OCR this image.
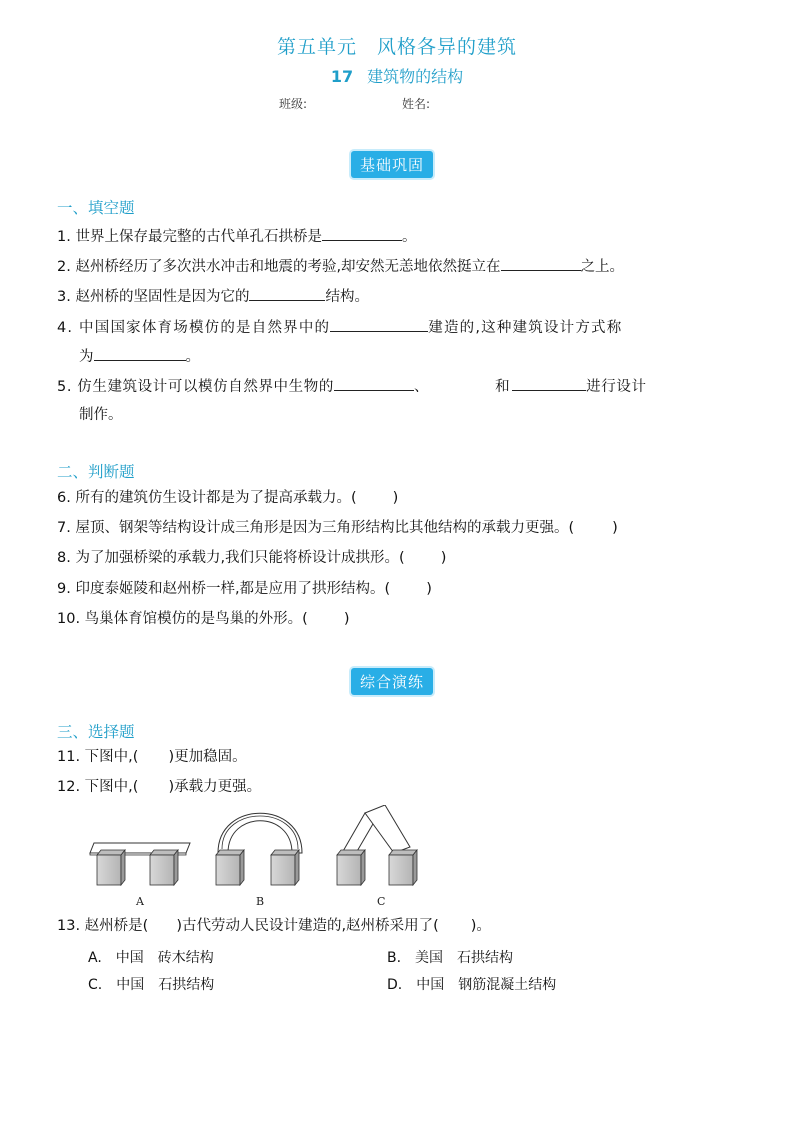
第五单元　风格各异的建筑
17 建筑物的结构
班级:	姓名:
基础巩固
一、填空题
1. 世界上保存最完整的古代单孔石拱桥是	。
2. 赵州桥经历了多次洪水冲击和地震的考验,却安然无恙地依然挺立在	之上。
3. 赵州桥的坚固性是因为它的	结构。
4. 中国国家体育场模仿的是自然界中的	建造的,这种建筑设计方式称
为	。
5. 仿生建筑设计可以模仿自然界中生物的	、	和	进行设计
制作。
二、判断题
6. 所有的建筑仿生设计都是为了提高承载力。( )
7. 屋顶、钢架等结构设计成三角形是因为三角形结构比其他结构的承载力更强。(	)
8. 为了加强桥梁的承载力,我们只能将桥设计成拱形。( )
9. 印度泰姬陵和赵州桥一样,都是应用了拱形结构。( )
10. 鸟巢体育馆模仿的是鸟巢的外形。( )
综合演练
三、选择题
11. 下图中,( )更加稳固。
12. 下图中,( )承载力更强。
A	B	C
13. 赵州桥是( )古代劳动人民设计建造的,赵州桥采用了( )。
A.　中国　砖木结构	B.　美国　石拱结构
C.　中国　石拱结构	D.　中国　钢筋混凝土结构
